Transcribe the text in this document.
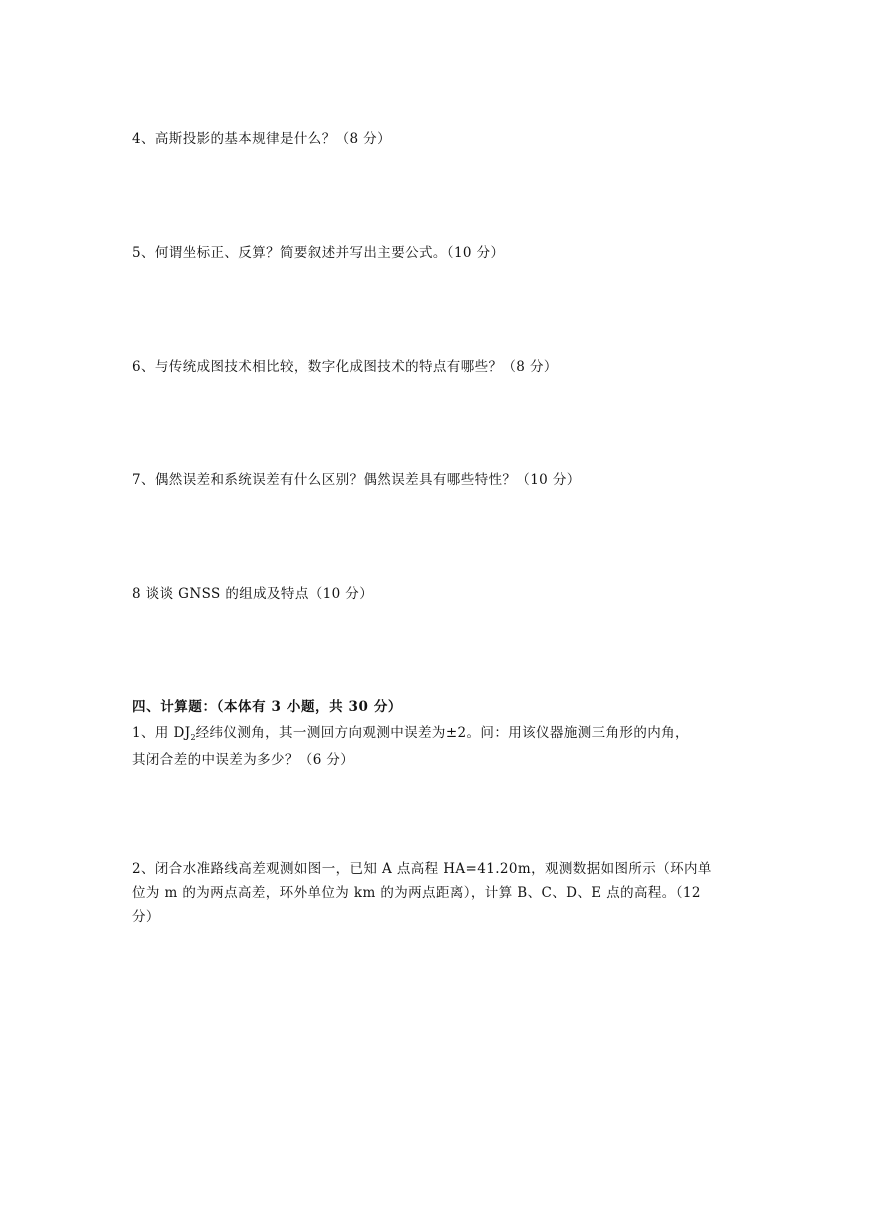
4、高斯投影的基本规律是什么？（8 分）
5、何谓坐标正、反算？简要叙述并写出主要公式。（10 分）
6、与传统成图技术相比较，数字化成图技术的特点有哪些？（8 分）
7、偶然误差和系统误差有什么区别？偶然误差具有哪些特性？（10 分）
8 谈谈 GNSS 的组成及特点（10 分）
四、计算题：（本体有 3 小题，共 30 分）
1、用 $DJ_2$经纬仪测角，其一测回方向观测中误差为±2。问：用该仪器施测三角形的内角，
其闭合差的中误差为多少？（6 分）
2、闭合水准路线高差观测如图一，已知 A 点高程 HA=41.20m，观测数据如图所示（环内单
位为 m 的为两点高差，环外单位为 km 的为两点距离），计算 B、C、D、E 点的高程。（12
分）
